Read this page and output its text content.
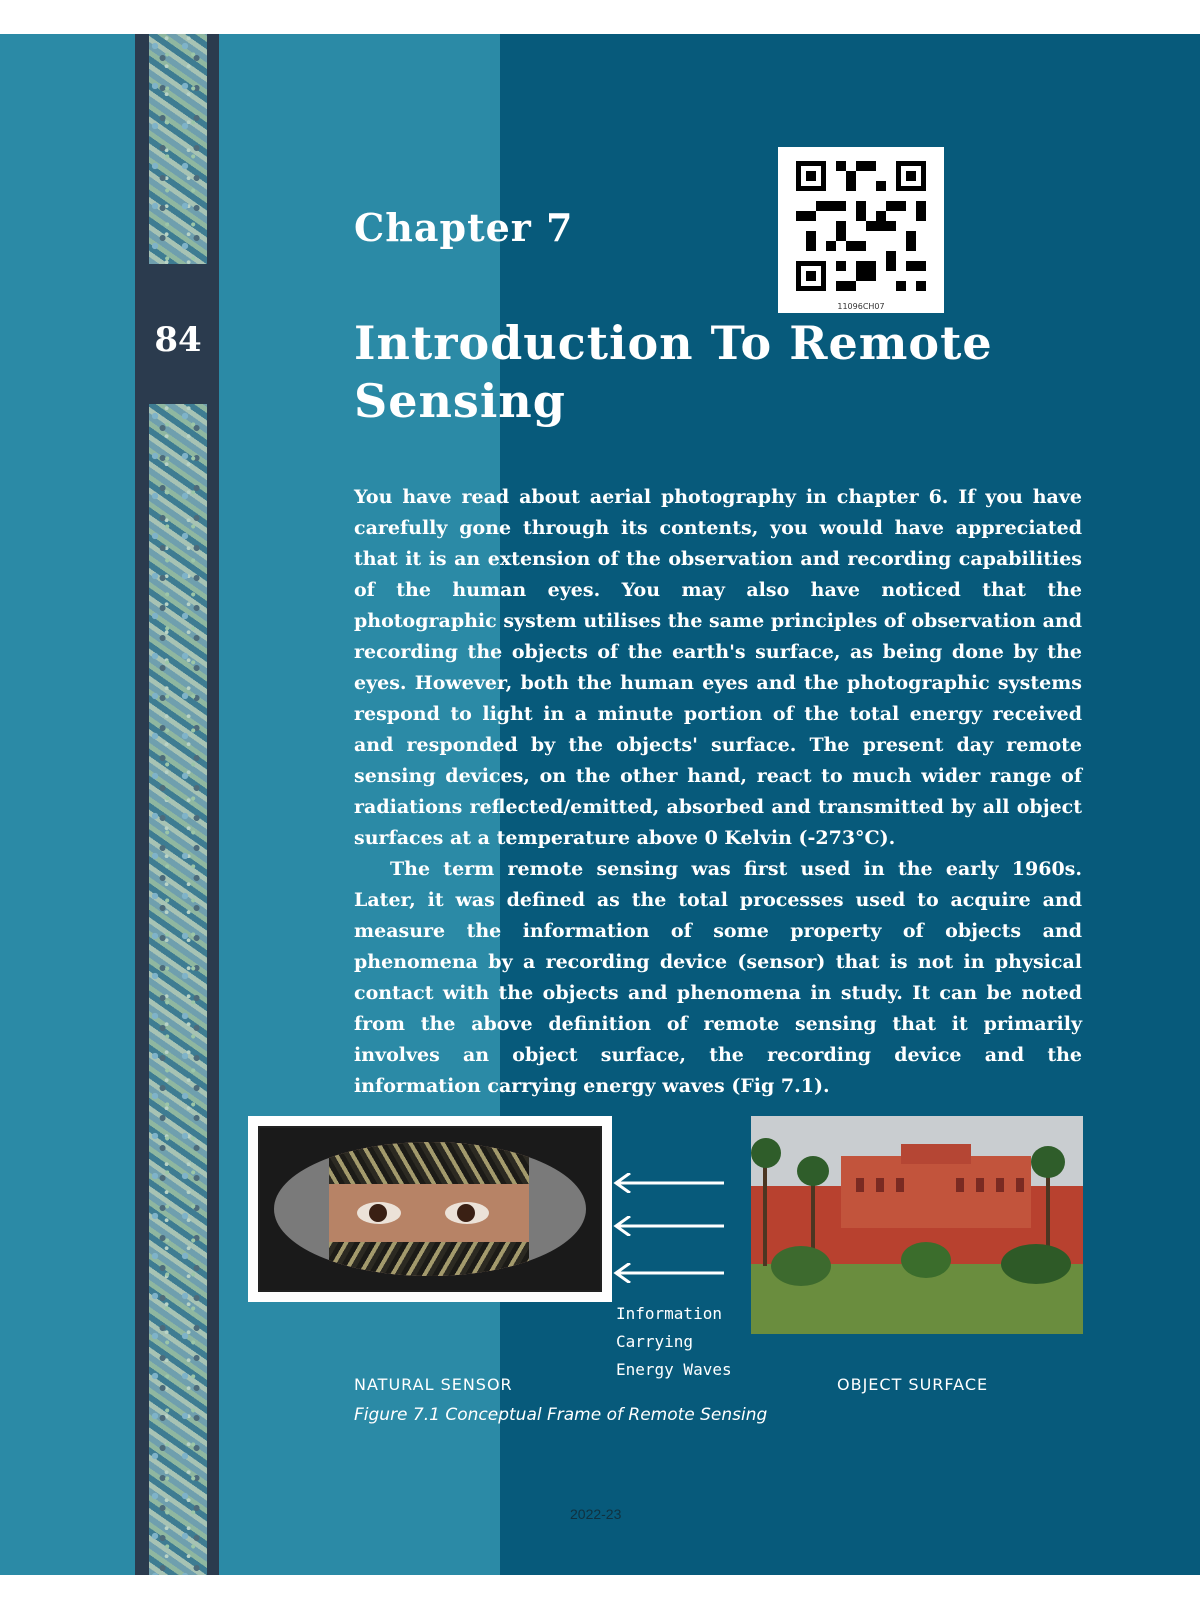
84
Chapter 7
11096CH07
Introduction To Remote Sensing

You have read about aerial photography in chapter 6. If you have carefully gone through its contents, you would have appreciated that it is an extension of the observation and recording capabilities of the human eyes. You may also have noticed that the photographic system utilises the same principles of observation and recording the objects of the earth's surface, as being done by the eyes. However, both the human eyes and the photographic systems respond to light in a minute portion of the total energy received and responded by the objects' surface. The present day remote sensing devices, on the other hand, react to much wider range of radiations reflected/emitted, absorbed and transmitted by all object surfaces at a temperature above 0 Kelvin (-273°C).

The term remote sensing was first used in the early 1960s. Later, it was defined as the total processes used to acquire and measure the information of some property of objects and phenomena by a recording device (sensor) that is not in physical contact with the objects and phenomena in study. It can be noted from the above definition of remote sensing that it primarily involves an object surface, the recording device and the information carrying energy waves (Fig 7.1).

Information
Carrying
Energy Waves
NATURAL SENSOR	OBJECT SURFACE
Figure 7.1 Conceptual Frame of Remote Sensing
2022-23
